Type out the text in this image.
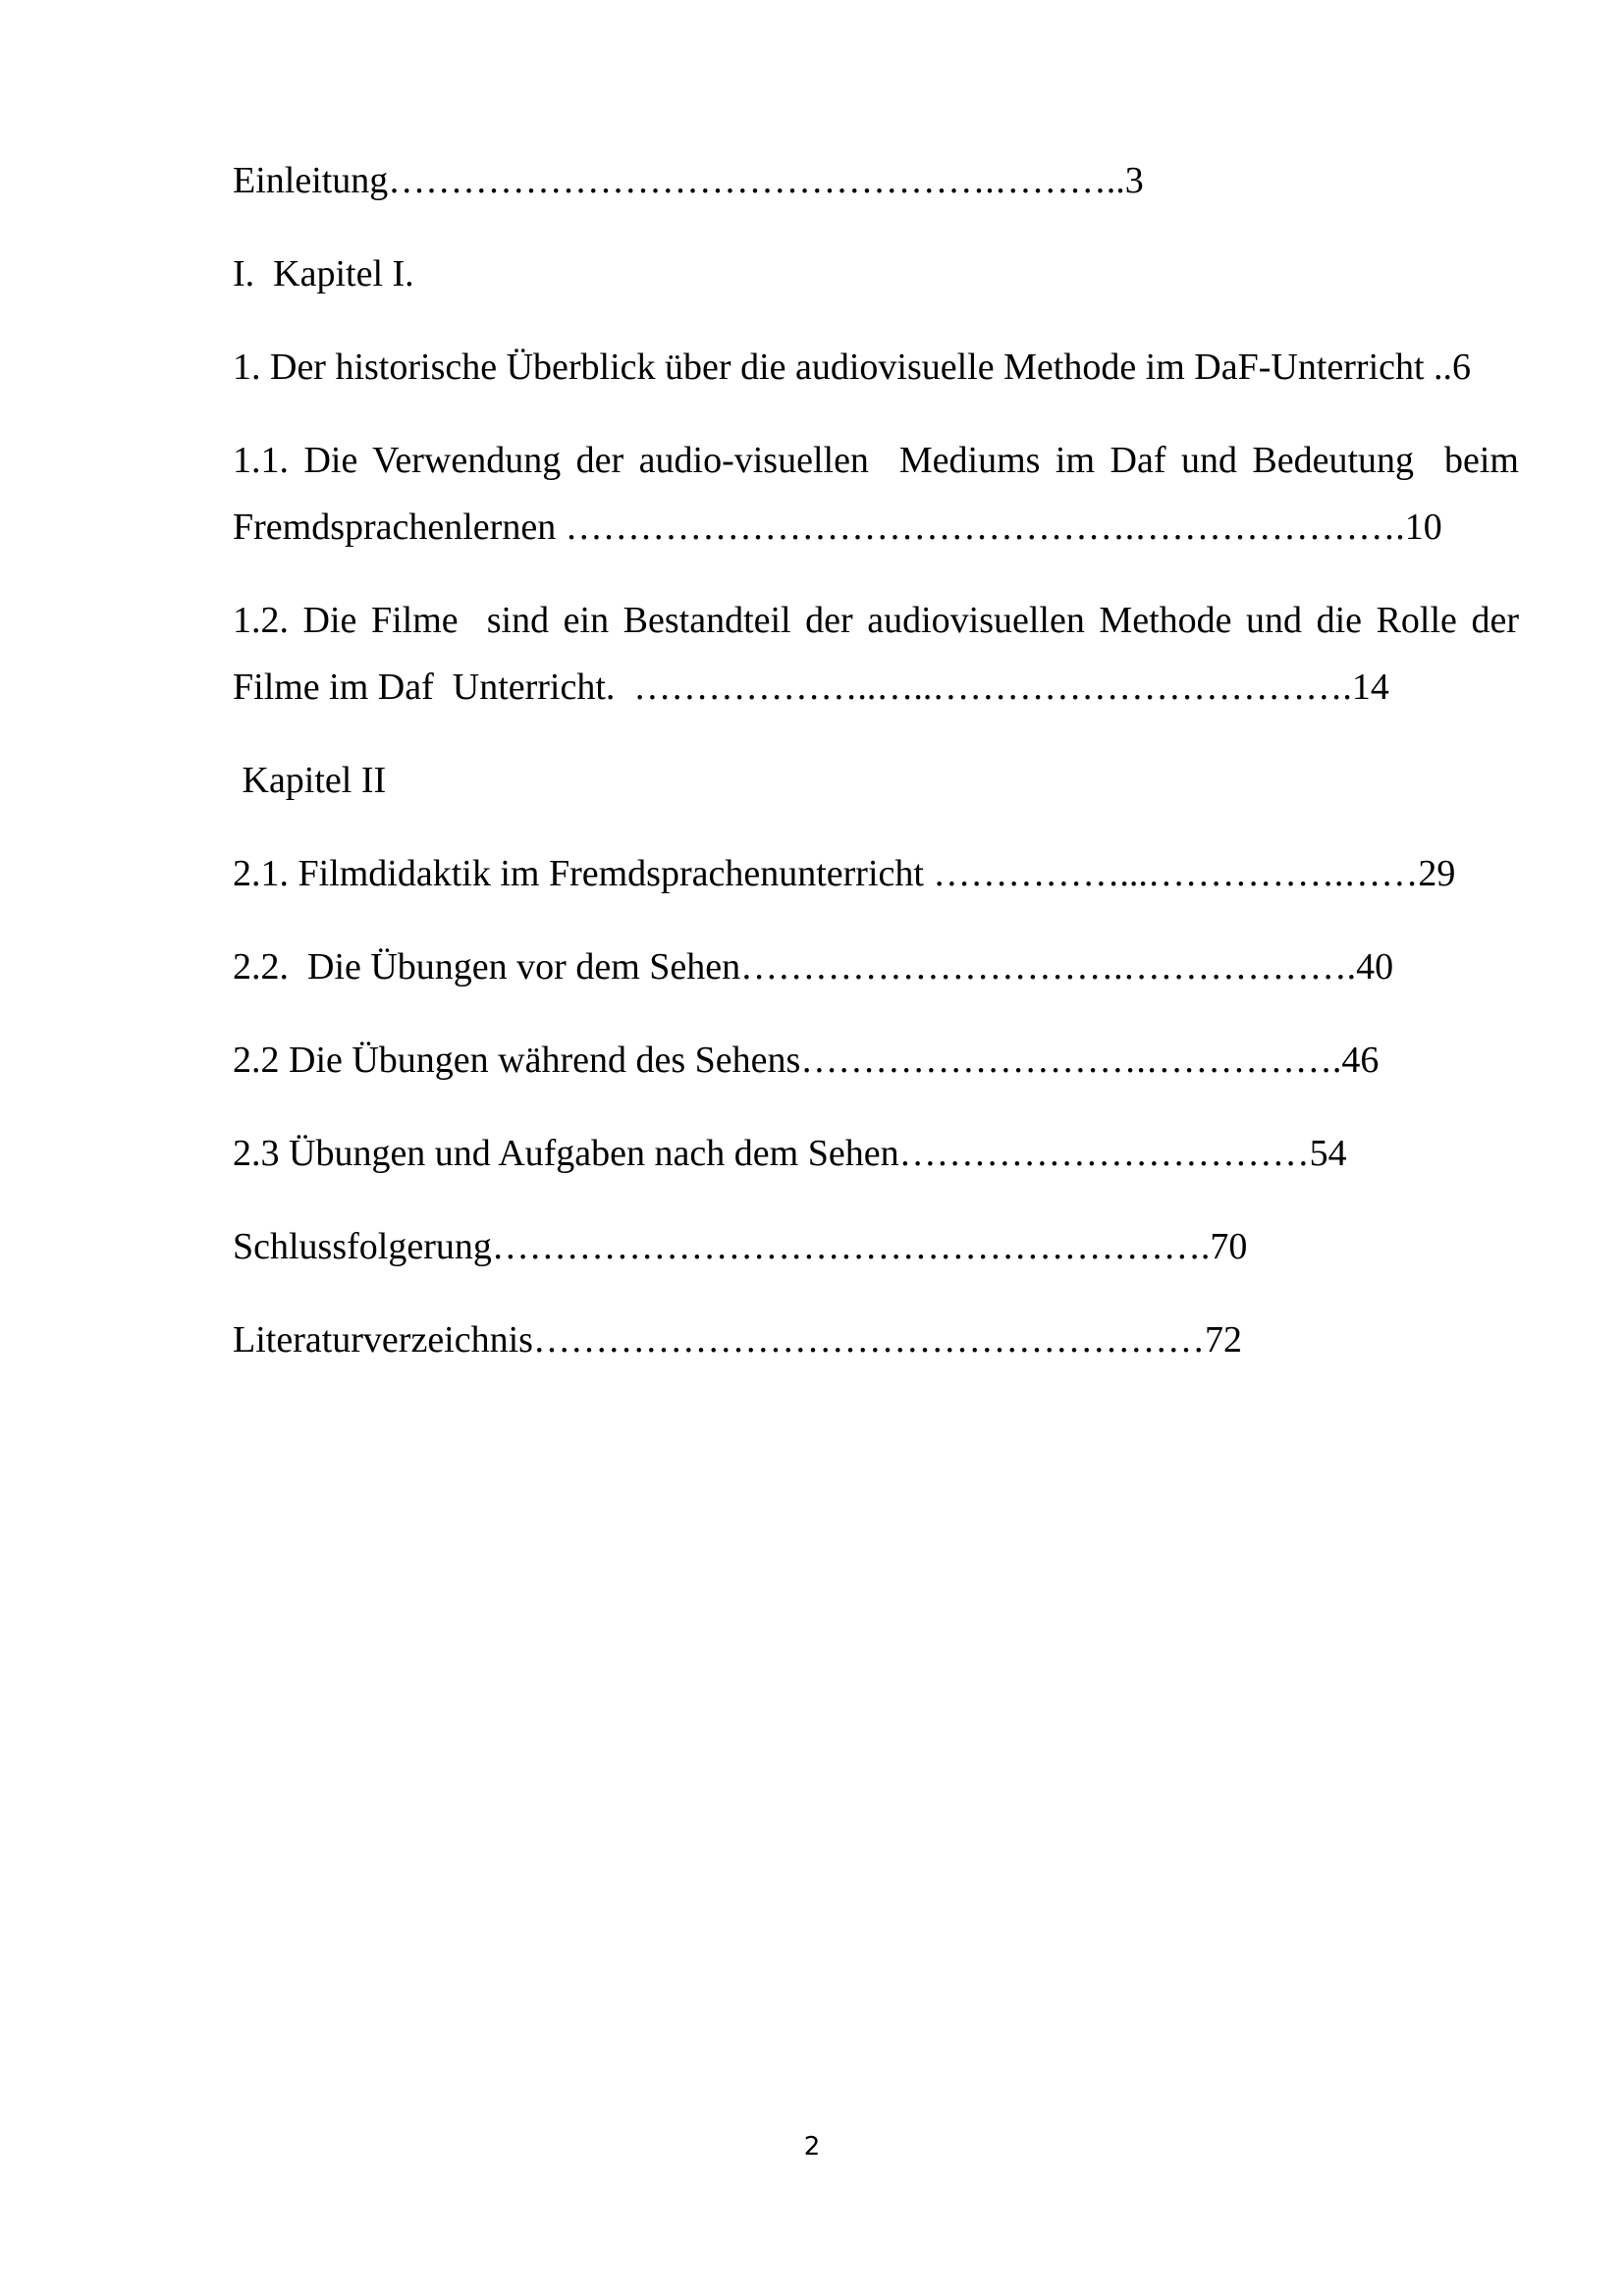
Einleitung………………………………………….………..3
I.  Kapitel I.
1. Der historische Überblick über die audiovisuelle Methode im DaF-Unterricht ..6
1.1. Die Verwendung der audio-visuellen  Mediums im Daf und Bedeutung  beim Fremdsprachenlernen ……………………………………….………………….10
1.2. Die Filme  sind ein Bestandteil der audiovisuellen Methode und die Rolle der Filme im Daf  Unterricht.  ………………..…..…………………………….14
Kapitel II
2.1. Filmdidaktik im Fremdsprachenunterricht ……………...…………….……29
2.2.  Die Übungen vor dem Sehen………………………….……………….40
2.2 Die Übungen während des Sehens……………………….…………….46
2.3 Übungen und Aufgaben nach dem Sehen……………………………54
Schlussfolgerung………………………………………………….70
Literaturverzeichnis………………………………………………72
2
